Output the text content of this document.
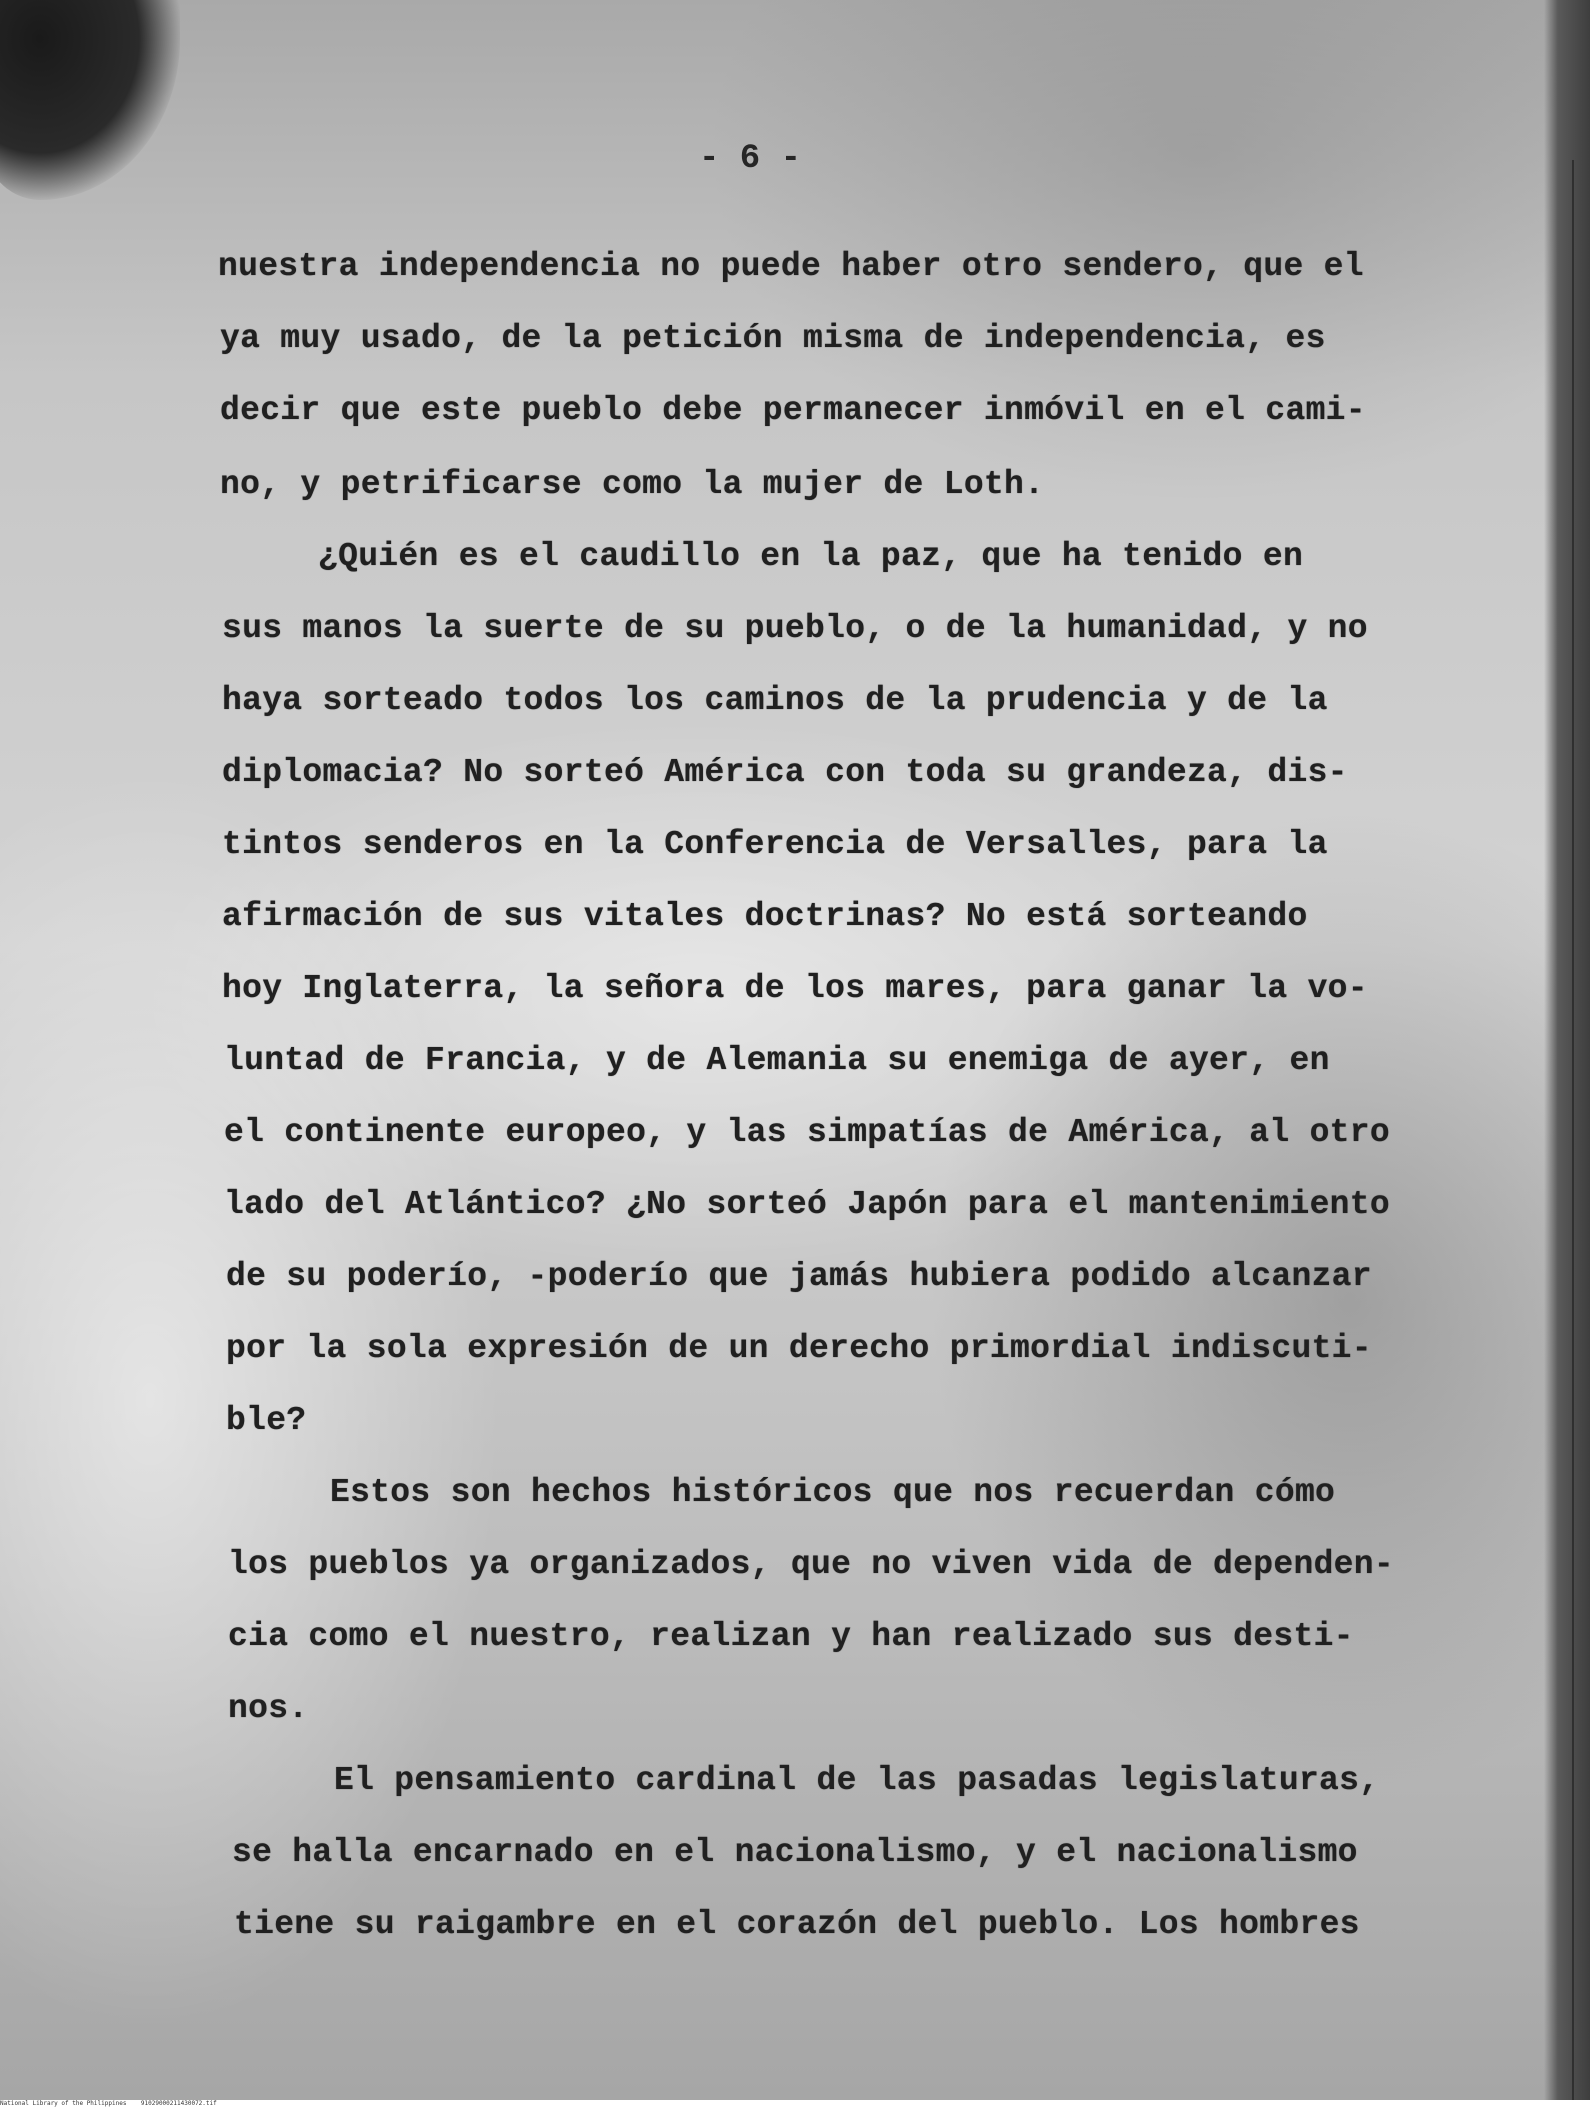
- 6 -
nuestra independencia no puede haber otro sendero, que el
ya muy usado, de la petición misma de independencia, es
decir que este pueblo debe permanecer inmóvil en el cami-
no, y petrificarse como la mujer de Loth.
¿Quién es el caudillo en la paz, que ha tenido en
sus manos la suerte de su pueblo, o de la humanidad, y no
haya sorteado todos los caminos de la prudencia y de la
diplomacia? No sorteó América con toda su grandeza, dis-
tintos senderos en la Conferencia de Versalles, para la
afirmación de sus vitales doctrinas? No está sorteando
hoy Inglaterra, la señora de los mares, para ganar la vo-
luntad de Francia, y de Alemania su enemiga de ayer, en
el continente europeo, y las simpatías de América, al otro
lado del Atlántico? ¿No sorteó Japón para el mantenimiento
de su poderío, -poderío que jamás hubiera podido alcanzar
por la sola expresión de un derecho primordial indiscuti-
ble?
Estos son hechos históricos que nos recuerdan cómo
los pueblos ya organizados, que no viven vida de dependen-
cia como el nuestro, realizan y han realizado sus desti-
nos.
El pensamiento cardinal de las pasadas legislaturas,
se halla encarnado en el nacionalismo, y el nacionalismo
tiene su raigambre en el corazón del pueblo. Los hombres
National Library of the Philippines    91029000211430072.tif
